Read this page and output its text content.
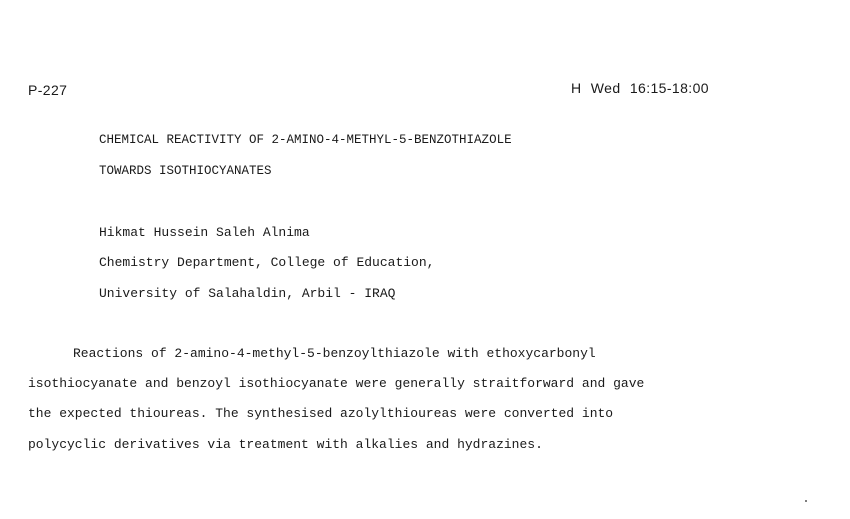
P-227	H Wed 16:15-18:00
CHEMICAL REACTIVITY OF 2-AMINO-4-METHYL-5-BENZOTHIAZOLE
TOWARDS ISOTHIOCYANATES
Hikmat Hussein Saleh Alnima
Chemistry Department, College of Education,
University of Salahaldin, Arbil - IRAQ
Reactions of 2-amino-4-methyl-5-benzoylthiazole with ethoxycarbonyl
isothiocyanate and benzoyl isothiocyanate were generally straitforward and gave
the expected thioureas. The synthesised azolylthioureas were converted into
polycyclic derivatives via treatment with alkalies and hydrazines.
